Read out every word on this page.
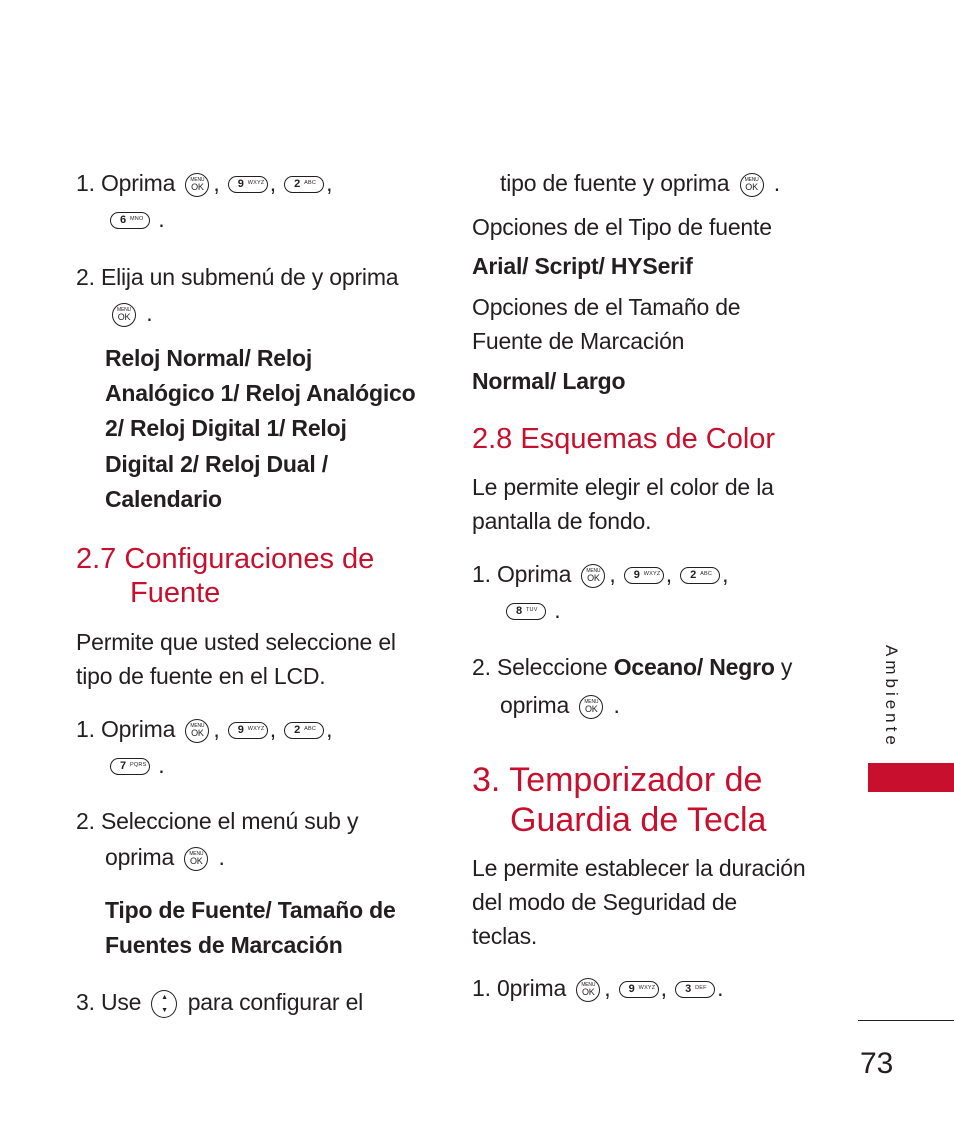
1. Oprima	MENU
OK , 9 WXYZ , 2 ABC ,
6 MNO .
2. Elija un submenú de y oprima
MENU
OK .

Reloj Normal/ Reloj

Analógico 1/ Reloj Analógico

2/ Reloj Digital 1/ Reloj

Digital 2/ Reloj Dual /

Calendario

2.7 Configuraciones de

Fuente

Permite que usted seleccione el

tipo de fuente en el LCD.

1. Oprima	MENU
OK , 9 WXYZ , 2 ABC ,
7 PQRS .
2. Seleccione el menú sub y
oprima	MENU
OK .

Tipo de Fuente/ Tamaño de

Fuentes de Marcación

3. Use	▲
▼ para configurar el
tipo de fuente y oprima	MENU
OK .
Opciones de el Tipo de fuente
Arial/ Script/ HYSerif

Opciones de el Tamaño de

Fuente de Marcación

Normal/ Largo
2.8 Esquemas de Color

Le permite elegir el color de la

pantalla de fondo.

1. Oprima	MENU
OK , 9 WXYZ , 2 ABC ,
8 TUV .
2. Seleccione Oceano/ Negro y
oprima	MENU
OK .

3. Temporizador de

Guardia de Tecla

Le permite establecer la duración

del modo de Seguridad de

teclas.

1. 0prima	MENU
OK , 9 WXYZ , 3 DEF .
Ambiente
73
